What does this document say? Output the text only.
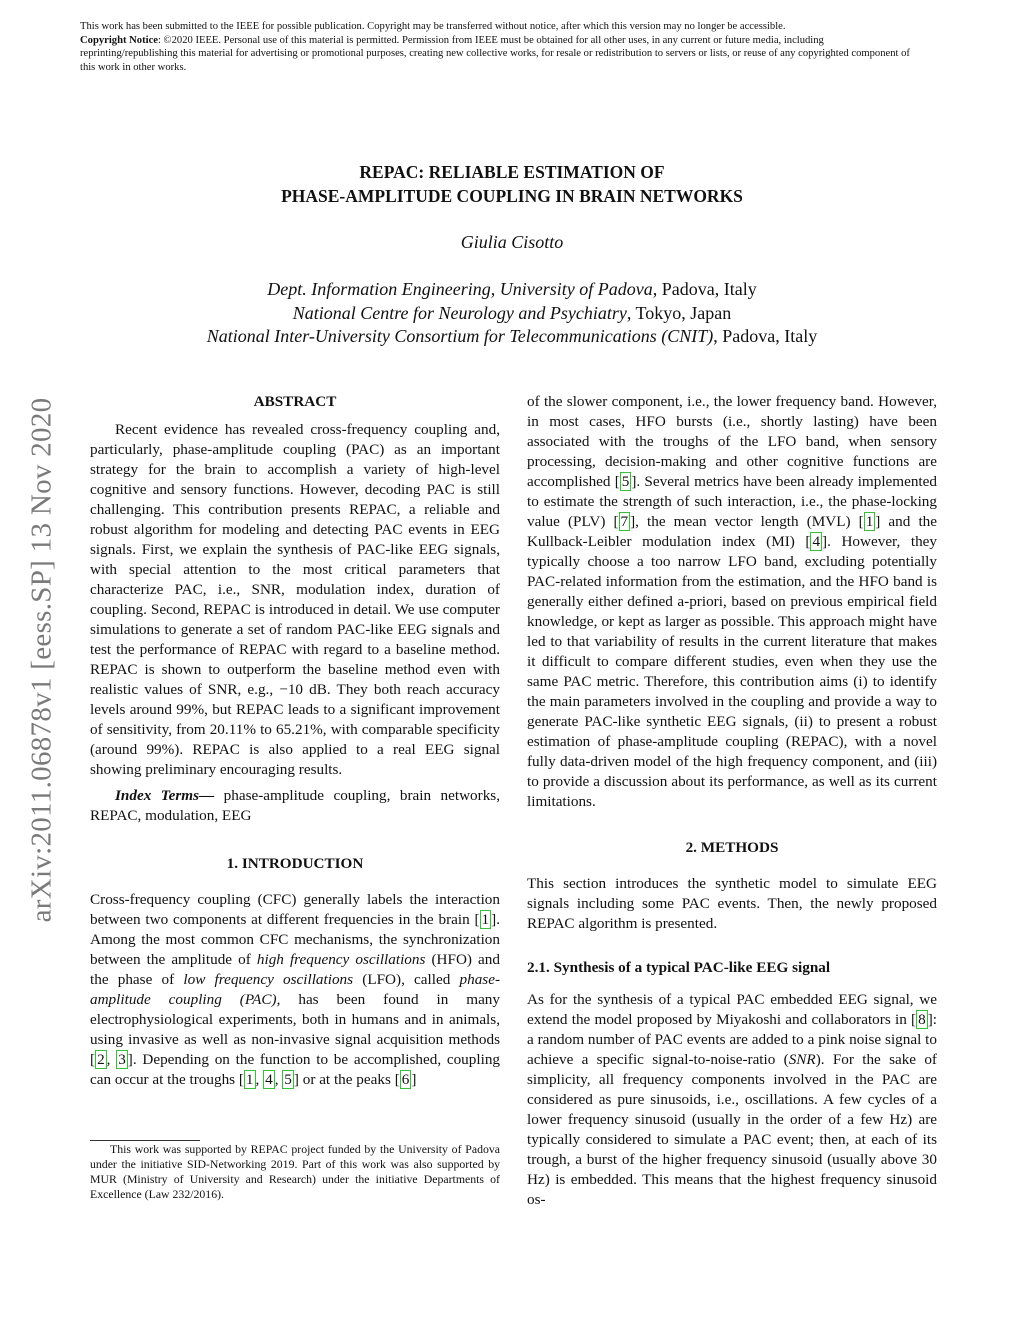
This work has been submitted to the IEEE for possible publication. Copyright may be transferred without notice, after which this version may no longer be accessible.
Copyright Notice: ©2020 IEEE. Personal use of this material is permitted. Permission from IEEE must be obtained for all other uses, in any current or future media, including reprinting/republishing this material for advertising or promotional purposes, creating new collective works, for resale or redistribution to servers or lists, or reuse of any copyrighted component of this work in other works.
arXiv:2011.06878v1 [eess.SP] 13 Nov 2020
REPAC: RELIABLE ESTIMATION OF
PHASE-AMPLITUDE COUPLING IN BRAIN NETWORKS
Giulia Cisotto
Dept. Information Engineering, University of Padova, Padova, Italy
National Centre for Neurology and Psychiatry, Tokyo, Japan
National Inter-University Consortium for Telecommunications (CNIT), Padova, Italy
ABSTRACT

Recent evidence has revealed cross-frequency coupling and, particularly, phase-amplitude coupling (PAC) as an important strategy for the brain to accomplish a variety of high-level cognitive and sensory functions. However, decoding PAC is still challenging. This contribution presents REPAC, a reliable and robust algorithm for modeling and detecting PAC events in EEG signals. First, we explain the synthesis of PAC-like EEG signals, with special attention to the most critical parameters that characterize PAC, i.e., SNR, modulation index, duration of coupling. Second, REPAC is introduced in detail. We use computer simulations to generate a set of random PAC-like EEG signals and test the performance of REPAC with regard to a baseline method. REPAC is shown to outperform the baseline method even with realistic values of SNR, e.g., −10 dB. They both reach accuracy levels around 99%, but REPAC leads to a significant improvement of sensitivity, from 20.11% to 65.21%, with comparable specificity (around 99%). REPAC is also applied to a real EEG signal showing preliminary encouraging results.

Index Terms— phase-amplitude coupling, brain networks, REPAC, modulation, EEG

1. INTRODUCTION

Cross-frequency coupling (CFC) generally labels the interaction between two components at different frequencies in the brain [ 1 ]. Among the most common CFC mechanisms, the synchronization between the amplitude of high frequency oscillations (HFO) and the phase of low frequency oscillations (LFO), called phase-amplitude coupling (PAC), has been found in many electrophysiological experiments, both in humans and in animals, using invasive as well as non-invasive signal acquisition methods [ 2 , 3 ]. Depending on the function to be accomplished, coupling can occur at the troughs [ 1 , 4 , 5 ] or at the peaks [ 6 ]

This work was supported by REPAC project funded by the University of Padova under the initiative SID-Networking 2019. Part of this work was also supported by MUR (Ministry of University and Research) under the initiative Departments of Excellence (Law 232/2016).

of the slower component, i.e., the lower frequency band. However, in most cases, HFO bursts (i.e., shortly lasting) have been associated with the troughs of the LFO band, when sensory processing, decision-making and other cognitive functions are accomplished [ 5 ]. Several metrics have been already implemented to estimate the strength of such interaction, i.e., the phase-locking value (PLV) [ 7 ], the mean vector length (MVL) [ 1 ] and the Kullback-Leibler modulation index (MI) [ 4 ]. However, they typically choose a too narrow LFO band, excluding potentially PAC-related information from the estimation, and the HFO band is generally either defined a-priori, based on previous empirical field knowledge, or kept as larger as possible. This approach might have led to that variability of results in the current literature that makes it difficult to compare different studies, even when they use the same PAC metric. Therefore, this contribution aims (i) to identify the main parameters involved in the coupling and provide a way to generate PAC-like synthetic EEG signals, (ii) to present a robust estimation of phase-amplitude coupling (REPAC), with a novel fully data-driven model of the high frequency component, and (iii) to provide a discussion about its performance, as well as its current limitations.

2. METHODS

This section introduces the synthetic model to simulate EEG signals including some PAC events. Then, the newly proposed REPAC algorithm is presented.

2.1. Synthesis of a typical PAC-like EEG signal

As for the synthesis of a typical PAC embedded EEG signal, we extend the model proposed by Miyakoshi and collaborators in [ 8 ]: a random number of PAC events are added to a pink noise signal to achieve a specific signal-to-noise-ratio (SNR). For the sake of simplicity, all frequency components involved in the PAC are considered as pure sinusoids, i.e., oscillations. A few cycles of a lower frequency sinusoid (usually in the order of a few Hz) are typically considered to simulate a PAC event; then, at each of its trough, a burst of the higher frequency sinusoid (usually above 30 Hz) is embedded. This means that the highest frequency sinusoid os-
